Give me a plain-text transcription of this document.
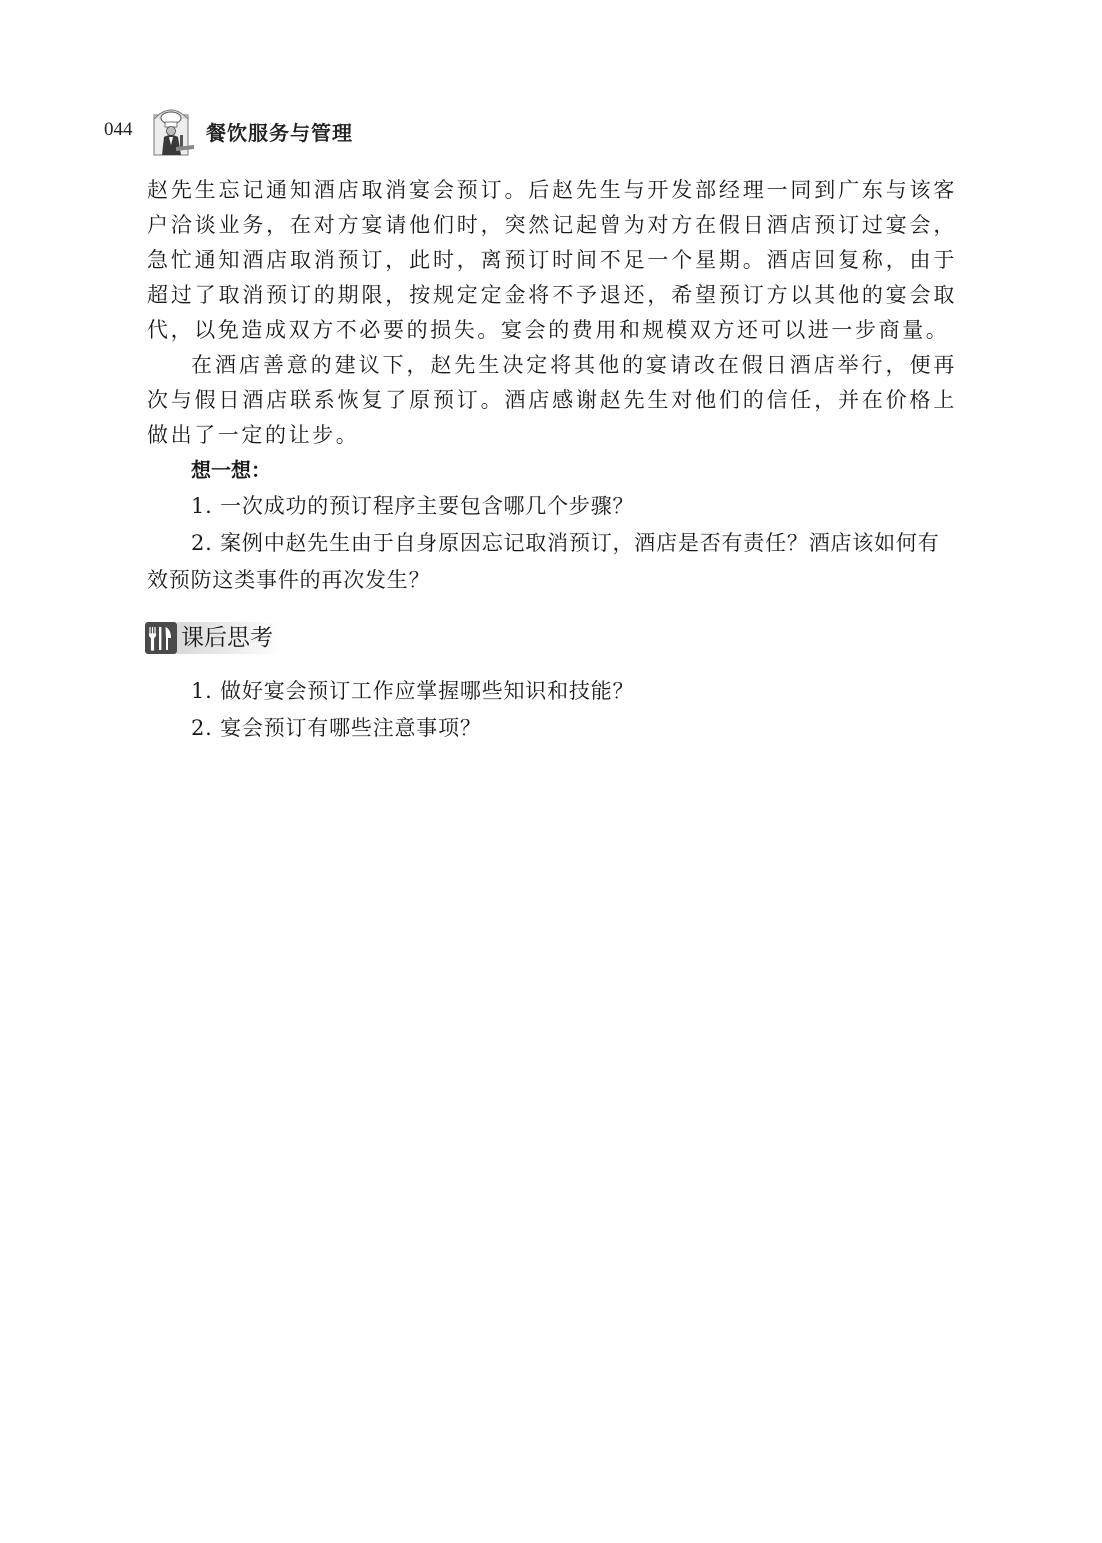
044	餐饮服务与管理

赵先生忘记通知酒店取消宴会预订。后赵先生与开发部经理一同到广东与该客户洽谈业务，在对方宴请他们时，突然记起曾为对方在假日酒店预订过宴会，急忙通知酒店取消预订，此时，离预订时间不足一个星期。酒店回复称，由于超过了取消预订的期限，按规定定金将不予退还，希望预订方以其他的宴会取代，以免造成双方不必要的损失。宴会的费用和规模双方还可以进一步商量。

在酒店善意的建议下，赵先生决定将其他的宴请改在假日酒店举行，便再次与假日酒店联系恢复了原预订。酒店感谢赵先生对他们的信任，并在价格上做出了一定的让步。

想一想：

1. 一次成功的预订程序主要包含哪几个步骤？

2. 案例中赵先生由于自身原因忘记取消预订，酒店是否有责任？酒店该如何有效预防这类事件的再次发生？

课后思考

1. 做好宴会预订工作应掌握哪些知识和技能？

2. 宴会预订有哪些注意事项？
